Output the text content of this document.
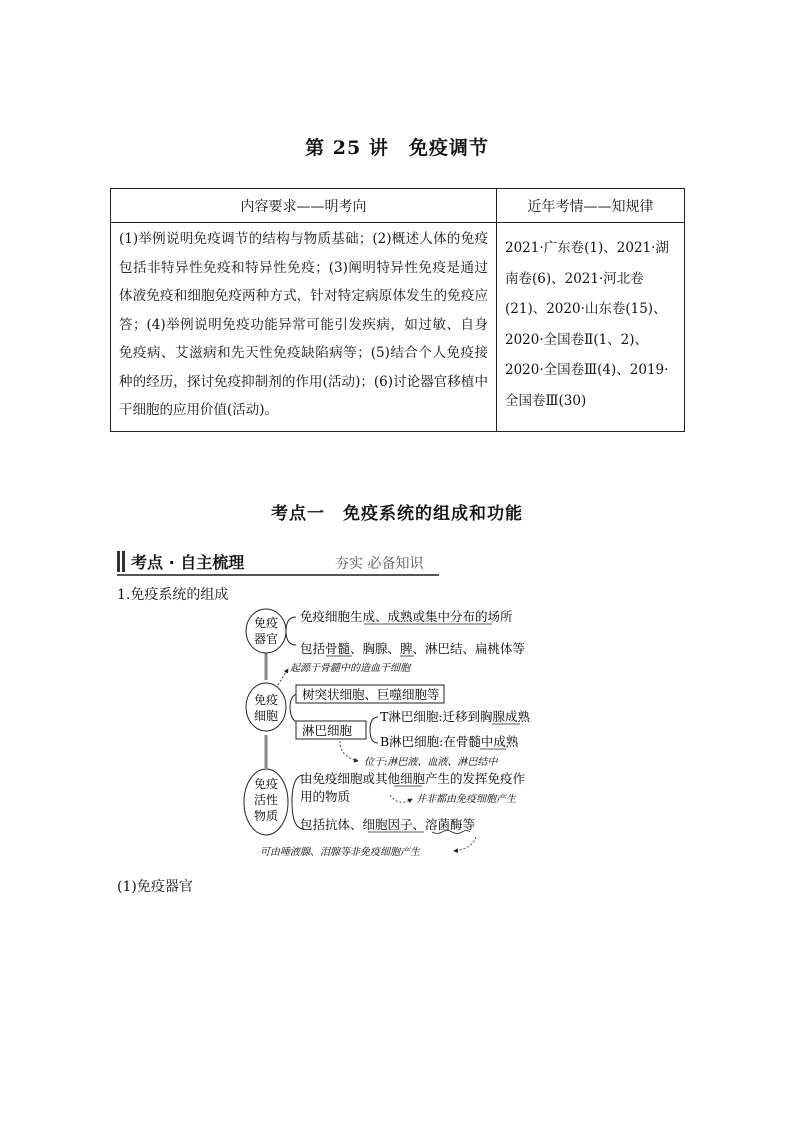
第 25 讲　免疫调节
内容要求——明考向	近年考情——知规律
(1)举例说明免疫调节的结构与物质基础；(2)概述人体的免疫包括非特异性免疫和特异性免疫；(3)阐明特异性免疫是通过体液免疫和细胞免疫两种方式，针对特定病原体发生的免疫应答；(4)举例说明免疫功能异常可能引发疾病，如过敏、自身免疫病、艾滋病和先天性免疫缺陷病等；(5)结合个人免疫接种的经历，探讨免疫抑制剂的作用(活动)；(6)讨论器官移植中干细胞的应用价值(活动)。	2021·广东卷(1)、2021·湖南卷(6)、2021·河北卷(21)、2020·山东卷(15)、2020·全国卷Ⅱ(1、2)、2020·全国卷Ⅲ(4)、2019·全国卷Ⅲ(30)
考点一　免疫系统的组成和功能
考点 · 自主梳理	夯实 必备知识
1.免疫系统的组成
免疫
器官
免疫
细胞
免疫
活性
物质
免疫细胞生成、成熟或集中分布的场所
包括骨髓、胸腺、脾、淋巴结、扁桃体等
起源于骨髓中的造血干细胞
树突状细胞、巨噬细胞等
淋巴细胞
T淋巴细胞:迁移到胸腺成熟
B淋巴细胞:在骨髓中成熟
位于:淋巴液、血液、淋巴结中
由免疫细胞或其他细胞产生的发挥免疫作
用的物质	并非都由免疫细胞产生
包括抗体、细胞因子、溶菌酶等
可由唾液腺、泪腺等非免疫细胞产生
(1)免疫器官
